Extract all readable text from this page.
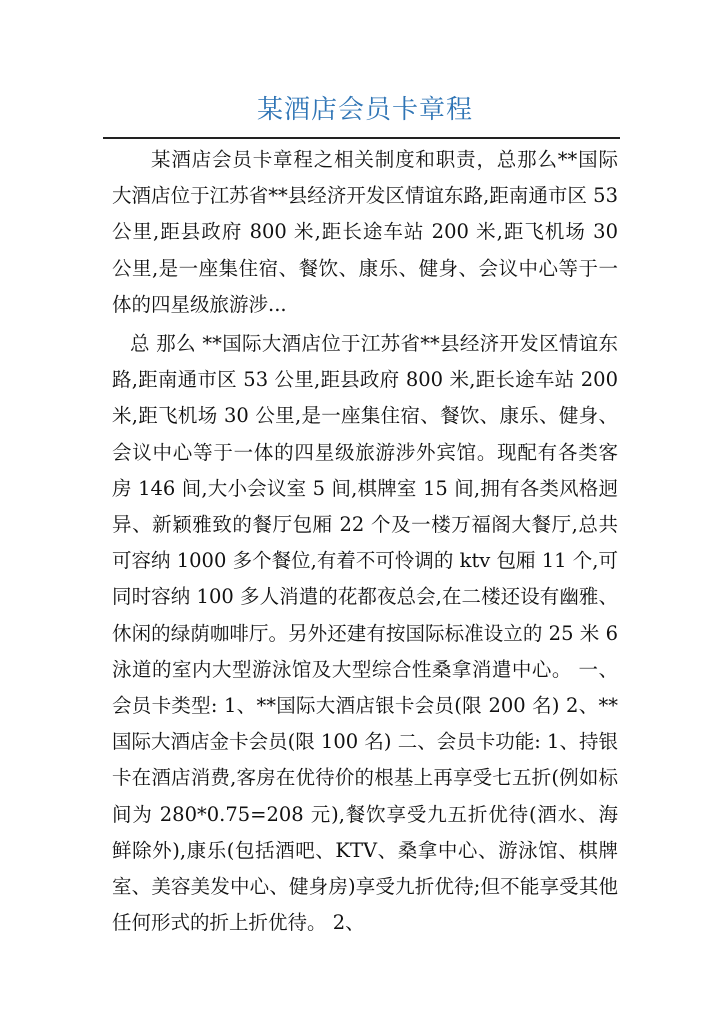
某酒店会员卡章程

某酒店会员卡章程之相关制度和职责，总那么**国际大酒店位于江苏省**县经济开发区情谊东路,距南通市区 53 公里,距县政府 800 米,距长途车站 200 米,距飞机场 30 公里,是一座集住宿、餐饮、康乐、健身、会议中心等于一体的四星级旅游涉...

总 那么 **国际大酒店位于江苏省**县经济开发区情谊东路,距南通市区 53 公里,距县政府 800 米,距长途车站 200 米,距飞机场 30 公里,是一座集住宿、餐饮、康乐、健身、会议中心等于一体的四星级旅游涉外宾馆。现配有各类客房 146 间,大小会议室 5 间,棋牌室 15 间,拥有各类风格迥异、新颖雅致的餐厅包厢 22 个及一楼万福阁大餐厅,总共可容纳 1000 多个餐位,有着不可怜调的 ktv 包厢 11 个,可同时容纳 100 多人消遣的花都夜总会,在二楼还设有幽雅、休闲的绿荫咖啡厅。另外还建有按国际标准设立的 25 米 6 泳道的室内大型游泳馆及大型综合性桑拿消遣中心。 一、会员卡类型: 1、**国际大酒店银卡会员(限 200 名) 2、**国际大酒店金卡会员(限 100 名) 二、会员卡功能: 1、持银卡在酒店消费,客房在优待价的根基上再享受七五折(例如标间为 280*0.75=208 元),餐饮享受九五折优待(酒水、海鲜除外),康乐(包括酒吧、KTV、桑拿中心、游泳馆、棋牌室、美容美发中心、健身房)享受九折优待;但不能享受其他任何形式的折上折优待。 2、
